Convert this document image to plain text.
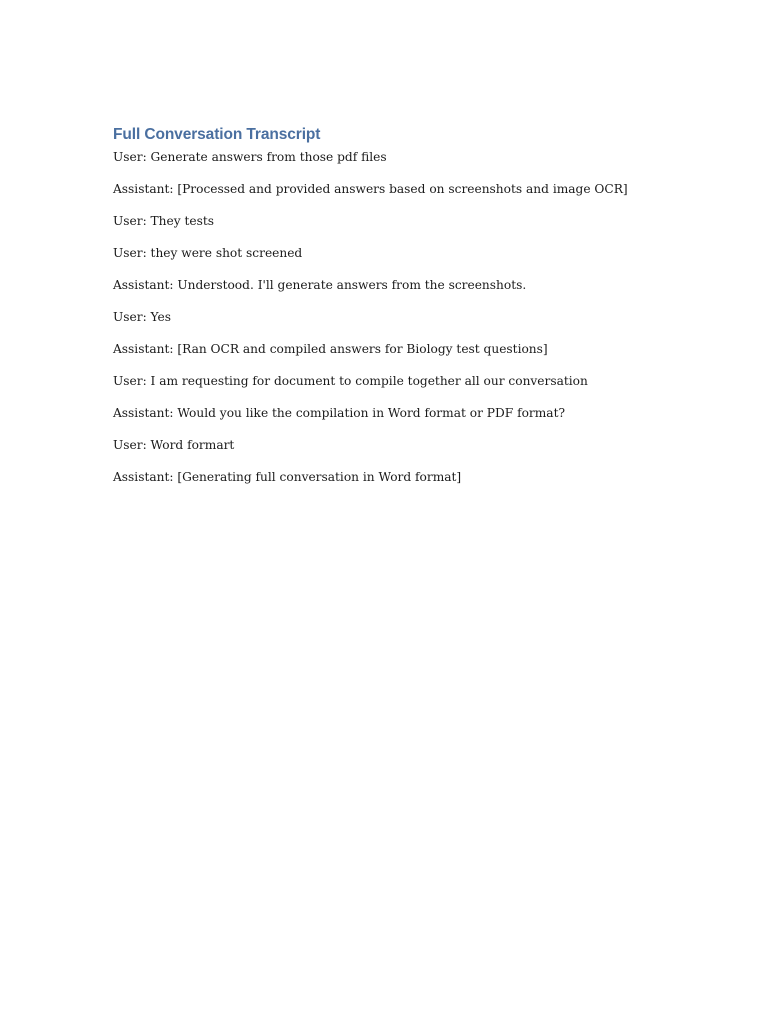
Full Conversation Transcript
User: Generate answers from those pdf files
Assistant: [Processed and provided answers based on screenshots and image OCR]
User: They tests
User: they were shot screened
Assistant: Understood. I'll generate answers from the screenshots.
User: Yes
Assistant: [Ran OCR and compiled answers for Biology test questions]
User: I am requesting for document to compile together all our conversation
Assistant: Would you like the compilation in Word format or PDF format?
User: Word formart
Assistant: [Generating full conversation in Word format]
